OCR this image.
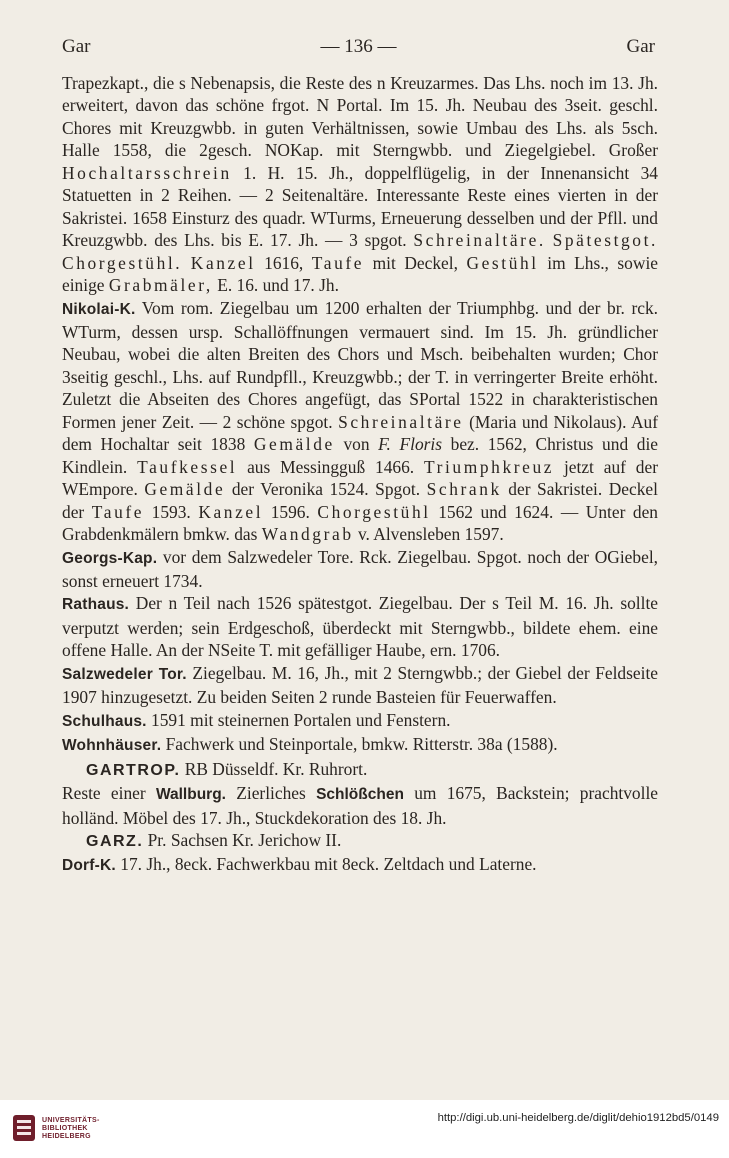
Gar	— 136 —	Gar

Trapezkapt., die s Nebenapsis, die Reste des n Kreuzarmes. Das Lhs. noch im 13. Jh. erweitert, davon das schöne frgot. N Portal. Im 15. Jh. Neubau des 3seit. geschl. Chores mit Kreuzgwbb. in guten Verhältnissen, sowie Umbau des Lhs. als 5sch. Halle 1558, die 2gesch. NOKap. mit Sterngwbb. und Ziegelgiebel. Großer Hochaltarsschrein 1. H. 15. Jh., doppelflügelig, in der Innenansicht 34 Statuetten in 2 Reihen. — 2 Seitenaltäre. Interessante Reste eines vierten in der Sakristei. 1658 Einsturz des quadr. WTurms, Erneuerung desselben und der Pfll. und Kreuzgwbb. des Lhs. bis E. 17. Jh. — 3 spgot. Schreinaltäre. Spätestgot. Chorgestühl. Kanzel 1616, Taufe mit Deckel, Gestühl im Lhs., sowie einige Grabmäler, E. 16. und 17. Jh.

Nikolai-K. Vom rom. Ziegelbau um 1200 erhalten der Triumphbg. und der br. rck. WTurm, dessen ursp. Schallöffnungen vermauert sind. Im 15. Jh. gründlicher Neubau, wobei die alten Breiten des Chors und Msch. beibehalten wurden; Chor 3seitig geschl., Lhs. auf Rundpfll., Kreuzgwbb.; der T. in verringerter Breite erhöht. Zuletzt die Abseiten des Chores angefügt, das SPortal 1522 in charakteristischen Formen jener Zeit. — 2 schöne spgot. Schreinaltäre (Maria und Nikolaus). Auf dem Hochaltar seit 1838 Gemälde von F. Floris bez. 1562, Christus und die Kindlein. Taufkessel aus Messingguß 1466. Triumphkreuz jetzt auf der WEmpore. Gemälde der Veronika 1524. Spgot. Schrank der Sakristei. Deckel der Taufe 1593. Kanzel 1596. Chorgestühl 1562 und 1624. — Unter den Grabdenkmälern bmkw. das Wandgrab v. Alvensleben 1597.

Georgs-Kap. vor dem Salzwedeler Tore. Rck. Ziegelbau. Spgot. noch der OGiebel, sonst erneuert 1734.

Rathaus. Der n Teil nach 1526 spätestgot. Ziegelbau. Der s Teil M. 16. Jh. sollte verputzt werden; sein Erdgeschoß, überdeckt mit Sterngwbb., bildete ehem. eine offene Halle. An der NSeite T. mit gefälliger Haube, ern. 1706.

Salzwedeler Tor. Ziegelbau. M. 16, Jh., mit 2 Sterngwbb.; der Giebel der Feldseite 1907 hinzugesetzt. Zu beiden Seiten 2 runde Basteien für Feuerwaffen.

Schulhaus. 1591 mit steinernen Portalen und Fenstern.

Wohnhäuser. Fachwerk und Steinportale, bmkw. Ritterstr. 38a (1588).

GARTROP. RB Düsseldf. Kr. Ruhrort.

Reste einer Wallburg. Zierliches Schlößchen um 1675, Backstein; prachtvolle holländ. Möbel des 17. Jh., Stuckdekoration des 18. Jh.

GARZ. Pr. Sachsen Kr. Jerichow II.

Dorf-K. 17. Jh., 8eck. Fachwerkbau mit 8eck. Zeltdach und Laterne.

UNIVERSITÄTS-
BIBLIOTHEK
HEIDELBERG
http://digi.ub.uni-heidelberg.de/diglit/dehio1912bd5/0149
